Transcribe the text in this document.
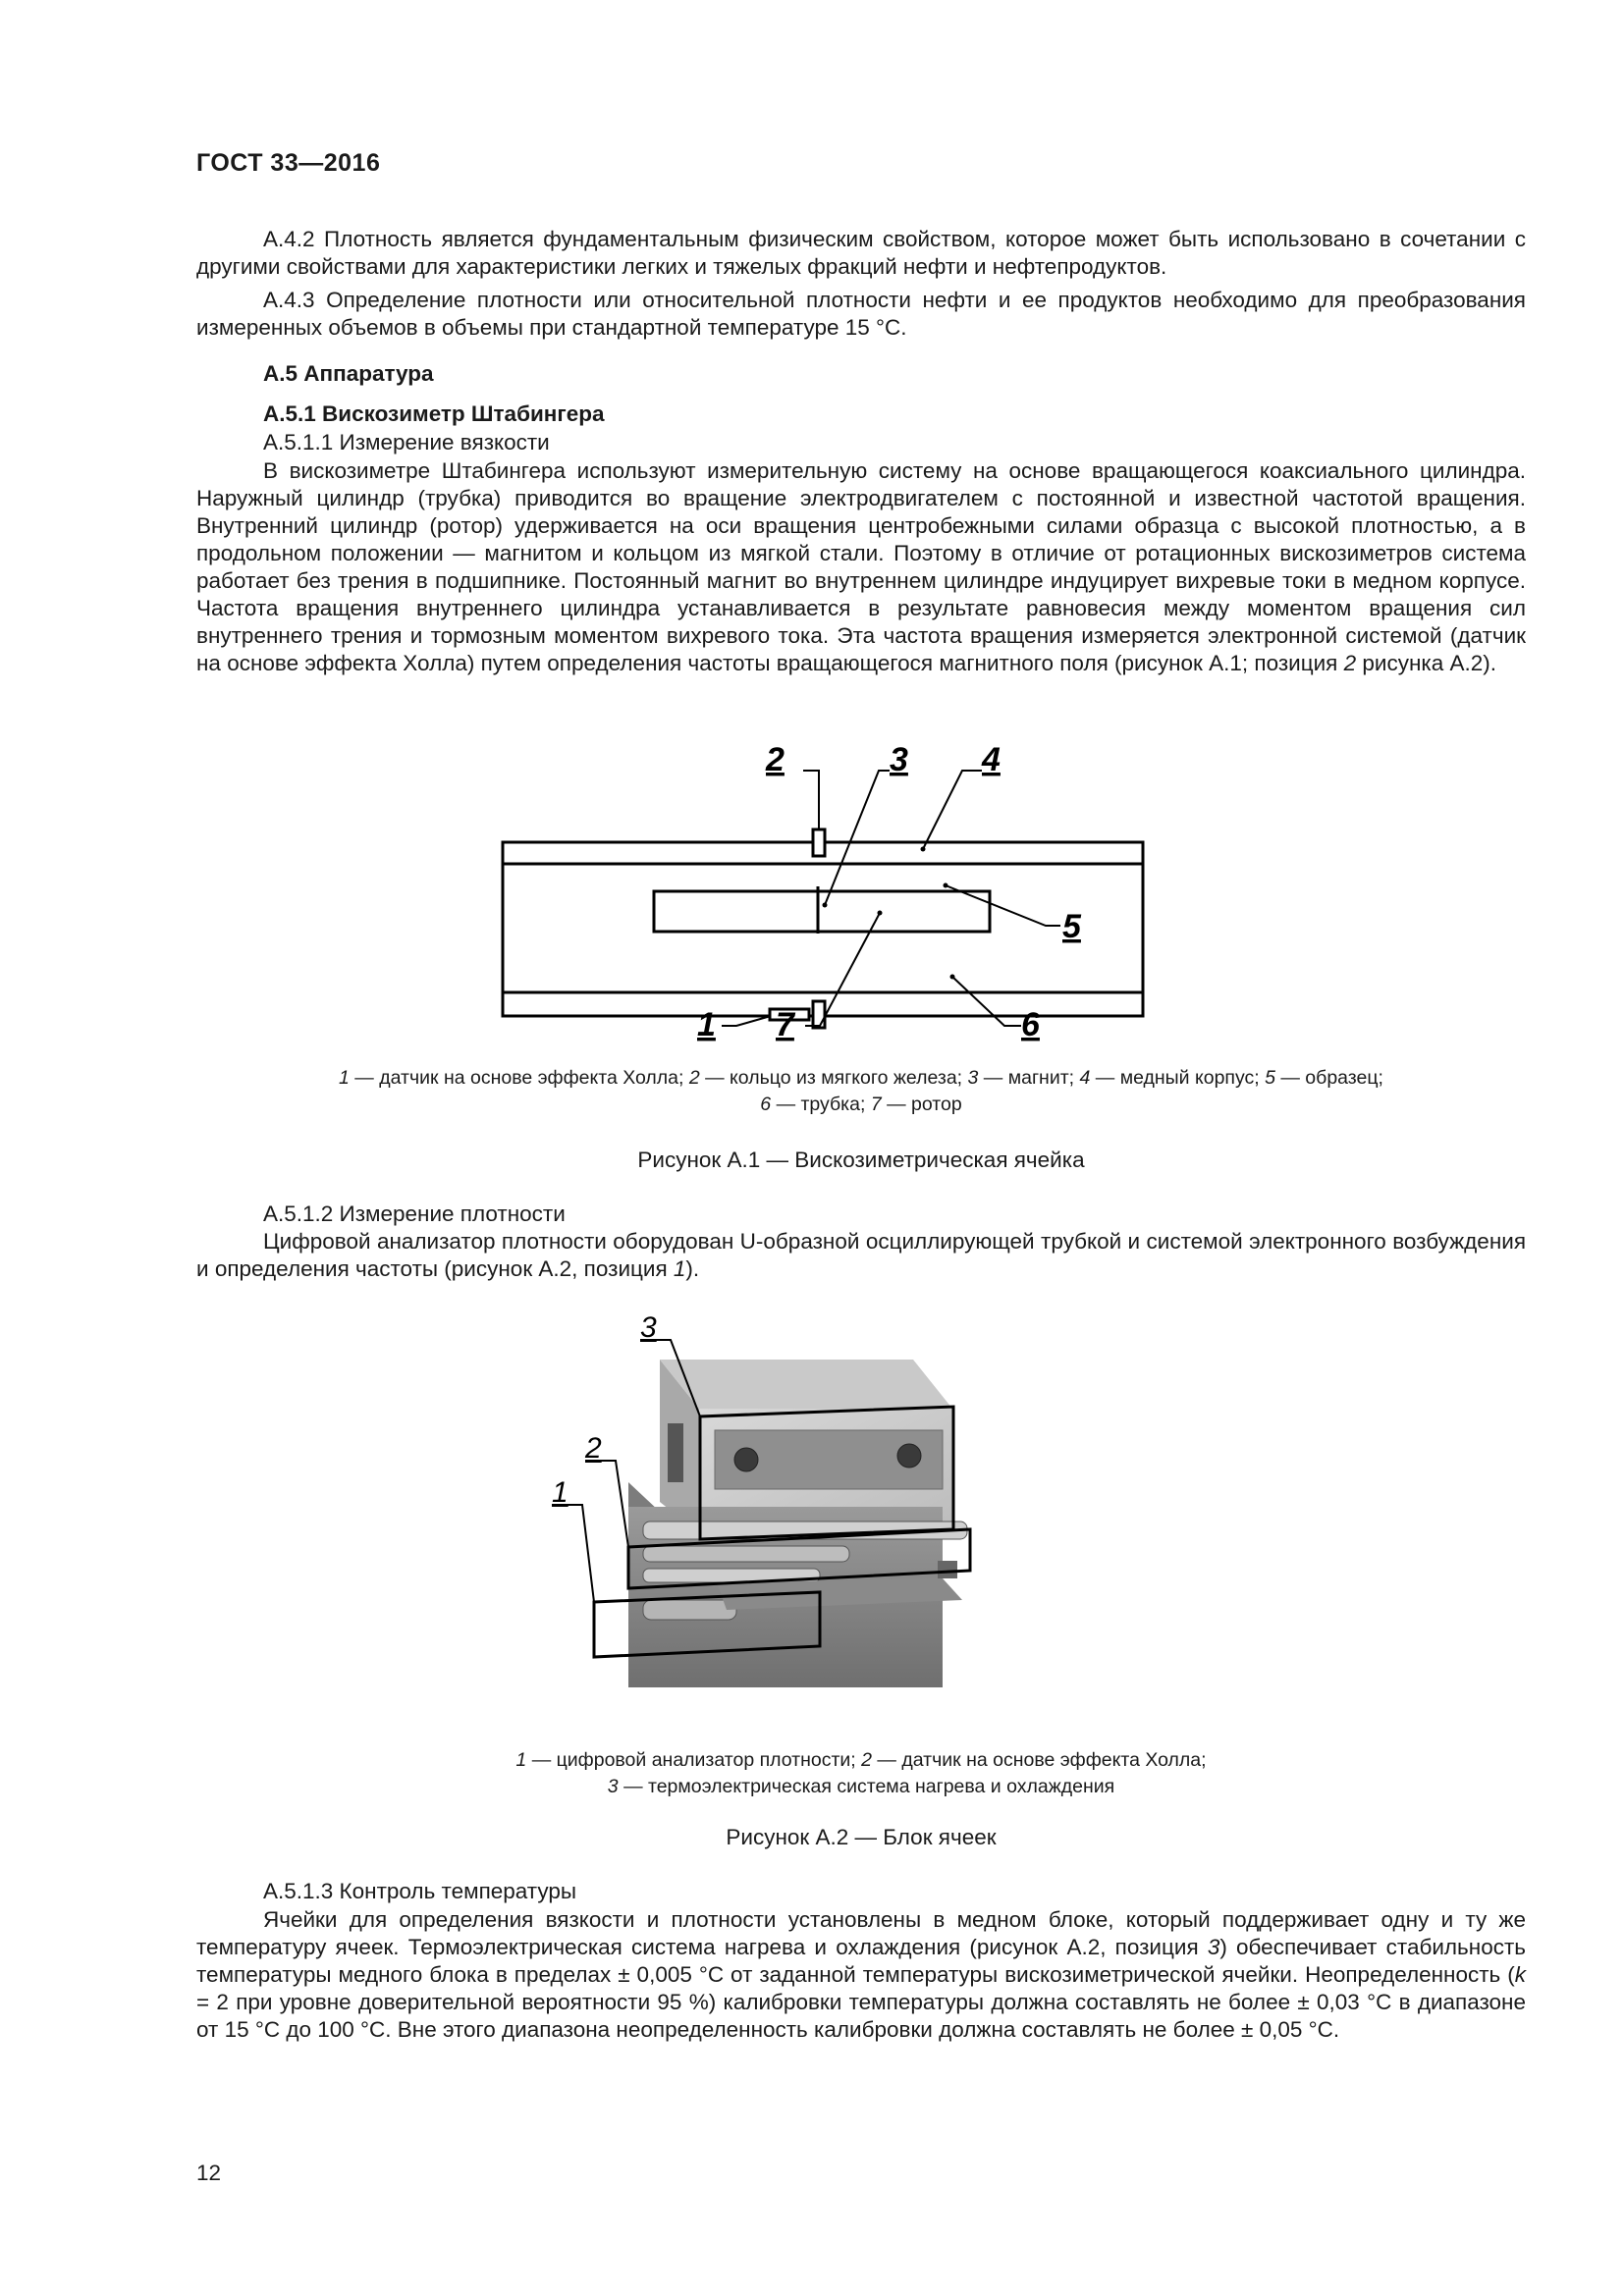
ГОСТ 33—2016
А.4.2 Плотность является фундаментальным физическим свойством, которое может быть использовано в сочетании с другими свойствами для характеристики легких и тяжелых фракций нефти и нефтепродуктов.
А.4.3 Определение плотности или относительной плотности нефти и ее продуктов необходимо для преобразования измеренных объемов в объемы при стандартной температуре 15 °С.
А.5 Аппаратура
А.5.1 Вискозиметр Штабингера
А.5.1.1 Измерение вязкости
В вискозиметре Штабингера используют измерительную систему на основе вращающегося коаксиального цилиндра. Наружный цилиндр (трубка) приводится во вращение электродвигателем с постоянной и известной частотой вращения. Внутренний цилиндр (ротор) удерживается на оси вращения центробежными силами образца с высокой плотностью, а в продольном положении — магнитом и кольцом из мягкой стали. Поэтому в отличие от ротационных вискозиметров система работает без трения в подшипнике. Постоянный магнит во внутреннем цилиндре индуцирует вихревые токи в медном корпусе. Частота вращения внутреннего цилиндра устанавливается в результате равновесия между моментом вращения сил внутреннего трения и тормозным моментом вихревого тока. Эта частота вращения измеряется электронной системой (датчик на основе эффекта Холла) путем определения частоты вращающегося магнитного поля (рисунок А.1; позиция 2 рисунка А.2).
2	3 4
5
6
7
1
1 — датчик на основе эффекта Холла; 2 — кольцо из мягкого железа; 3 — магнит; 4 — медный корпус; 5 — образец;
6 — трубка; 7 — ротор
Рисунок А.1 — Вискозиметрическая ячейка
А.5.1.2 Измерение плотности
Цифровой анализатор плотности оборудован U-образной осциллирующей трубкой и системой электронного возбуждения и определения частоты (рисунок А.2, позиция 1).
3
2
1
1 — цифровой анализатор плотности; 2 — датчик на основе эффекта Холла;
3 — термоэлектрическая система нагрева и охлаждения
Рисунок А.2 — Блок ячеек
А.5.1.3 Контроль температуры
Ячейки для определения вязкости и плотности установлены в медном блоке, который поддерживает одну и ту же температуру ячеек. Термоэлектрическая система нагрева и охлаждения (рисунок А.2, позиция 3) обеспечивает стабильность температуры медного блока в пределах ± 0,005 °С от заданной температуры вискозиметрической ячейки. Неопределенность (k = 2 при уровне доверительной вероятности 95 %) калибровки температуры должна составлять не более ± 0,03 °С в диапазоне от 15 °С до 100 °С. Вне этого диапазона неопределенность калибровки должна составлять не более ± 0,05 °С.
12
